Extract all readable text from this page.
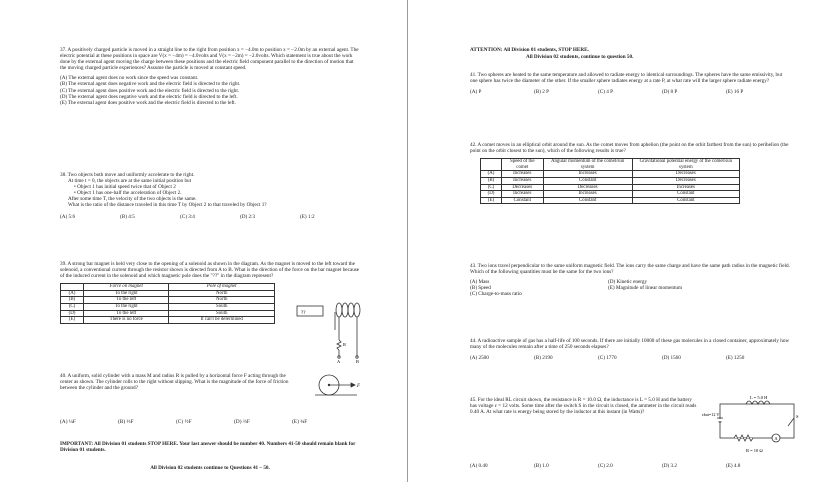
37. A positively charged particle is moved in a straight line to the right from position x = −4.0m to position x = −2.0m by an external agent. The electric potential at these positions in space are V(x = −4m) = −4.0volts and V(x = −2m) = −2.0volts. Which statement is true about the work done by the external agent moving the charge between these positions and the electric field component parallel to the direction of motion that the moving charged particle experiences? Assume the particle is moved at constant speed.
(A) The external agent does no work since the speed was constant.
(B) The external agent does negative work and the electric field is directed to the right.
(C) The external agent does positive work and the electric field is directed to the right.
(D) The external agent does negative work and the electric field is directed to the left.
(E) The external agent does positive work and the electric field is directed to the left.
38. Two objects both move and uniformly accelerate to the right.
At time t = 0, the objects are at the same initial position but
• Object 1 has initial speed twice that of Object 2
• Object 1 has one-half the acceleration of Object 2.
After some time T, the velocity of the two objects is the same.
What is the ratio of the distance traveled in this time T by Object 2 to that traveled by Object 1?
(A) 5:6	(B) 4:5	(C) 3:4	(D) 2:3	(E) 1:2
39. A strong bar magnet is held very close to the opening of a solenoid as shown in the diagram. As the magnet is moved to the left toward the solenoid, a conventional current through the resistor shown is directed from A to B. What is the direction of the force on the bar magnet because of the induced current in the solenoid and which magnetic pole does the "??" in the diagram represent?
	Force on magnet	Pole of magnet
(A)	To the right	North
(B)	To the left	North
(C)	To the right	South
(D)	To the left	South
(E)	There is no force	It can't be determined
??
R
A	B
40. A uniform, solid cylinder with a mass M and radius R is pulled by a horizontal force F acting through the center as shown. The cylinder rolls to the right without slipping. What is the magnitude of the force of friction between the cylinder and the ground?	F
(A) ¼F	(B) ⅓F	(C) ½F	(D) ⅔F	(E) ¾F
IMPORTANT: All Division 01 students STOP HERE. Your last answer should be number 40. Numbers 41-50 should remain blank for Division 01 students.
All Division 02 students continue to Questions 41 – 50.
ATTENTION: All Division 01 students, STOP HERE.
All Division 02 students, continue to question 50.
41. Two spheres are heated to the same temperature and allowed to radiate energy to identical surroundings. The spheres have the same emissivity, but one sphere has twice the diameter of the other. If the smaller sphere radiates energy at a rate P, at what rate will the larger sphere radiate energy?
(A) P	(B) 2 P	(C) 4 P	(D) 8 P	(E) 16 P
42. A comet moves in an elliptical orbit around the sun. As the comet moves from aphelion (the point on the orbit farthest from the sun) to perihelion (the point on the orbit closest to the sun), which of the following results is true?
	Speed of the comet	Angular momentum of the comet/sun system	Gravitational potential energy of the comet/sun system
(A)	Increases	Increases	Decreases
(B)	Increases	Constant	Decreases
(C)	Decreases	Decreases	Increases
(D)	Increases	Increases	Constant
(E)	Constant	Constant	Constant
43. Two ions travel perpendicular to the same uniform magnetic field. The ions carry the same charge and have the same path radius in the magnetic field. Which of the following quantities must be the same for the two ions?
(A) Mass
(B) Speed
(C) Charge-to-mass ratio
(D) Kinetic energy
(E) Magnitude of linear momentum
44. A radioactive sample of gas has a half-life of 100 seconds. If there are initially 10000 of these gas molecules in a closed container, approximately how many of the molecules remain after a time of 250 seconds elapses?
(A) 2500	(B) 2190	(C) 1770	(D) 1560	(E) 1250
45. For the ideal RL circuit shown, the resistance is R = 10.0 Ω, the inductance is L = 5.0 H and the battery has voltage ε = 12 volts. Some time after the switch S in the circuit is closed, the ammeter in the circuit reads 0.40 A. At what rate is energy being stored by the inductor at this instant (in Watts)?
(A) 0.40	(B) 1.0	(C) 2.0	(D) 3.2	(E) 4.8
L = 5.0 H
εbat=12 V	S
A
R = 10 Ω
